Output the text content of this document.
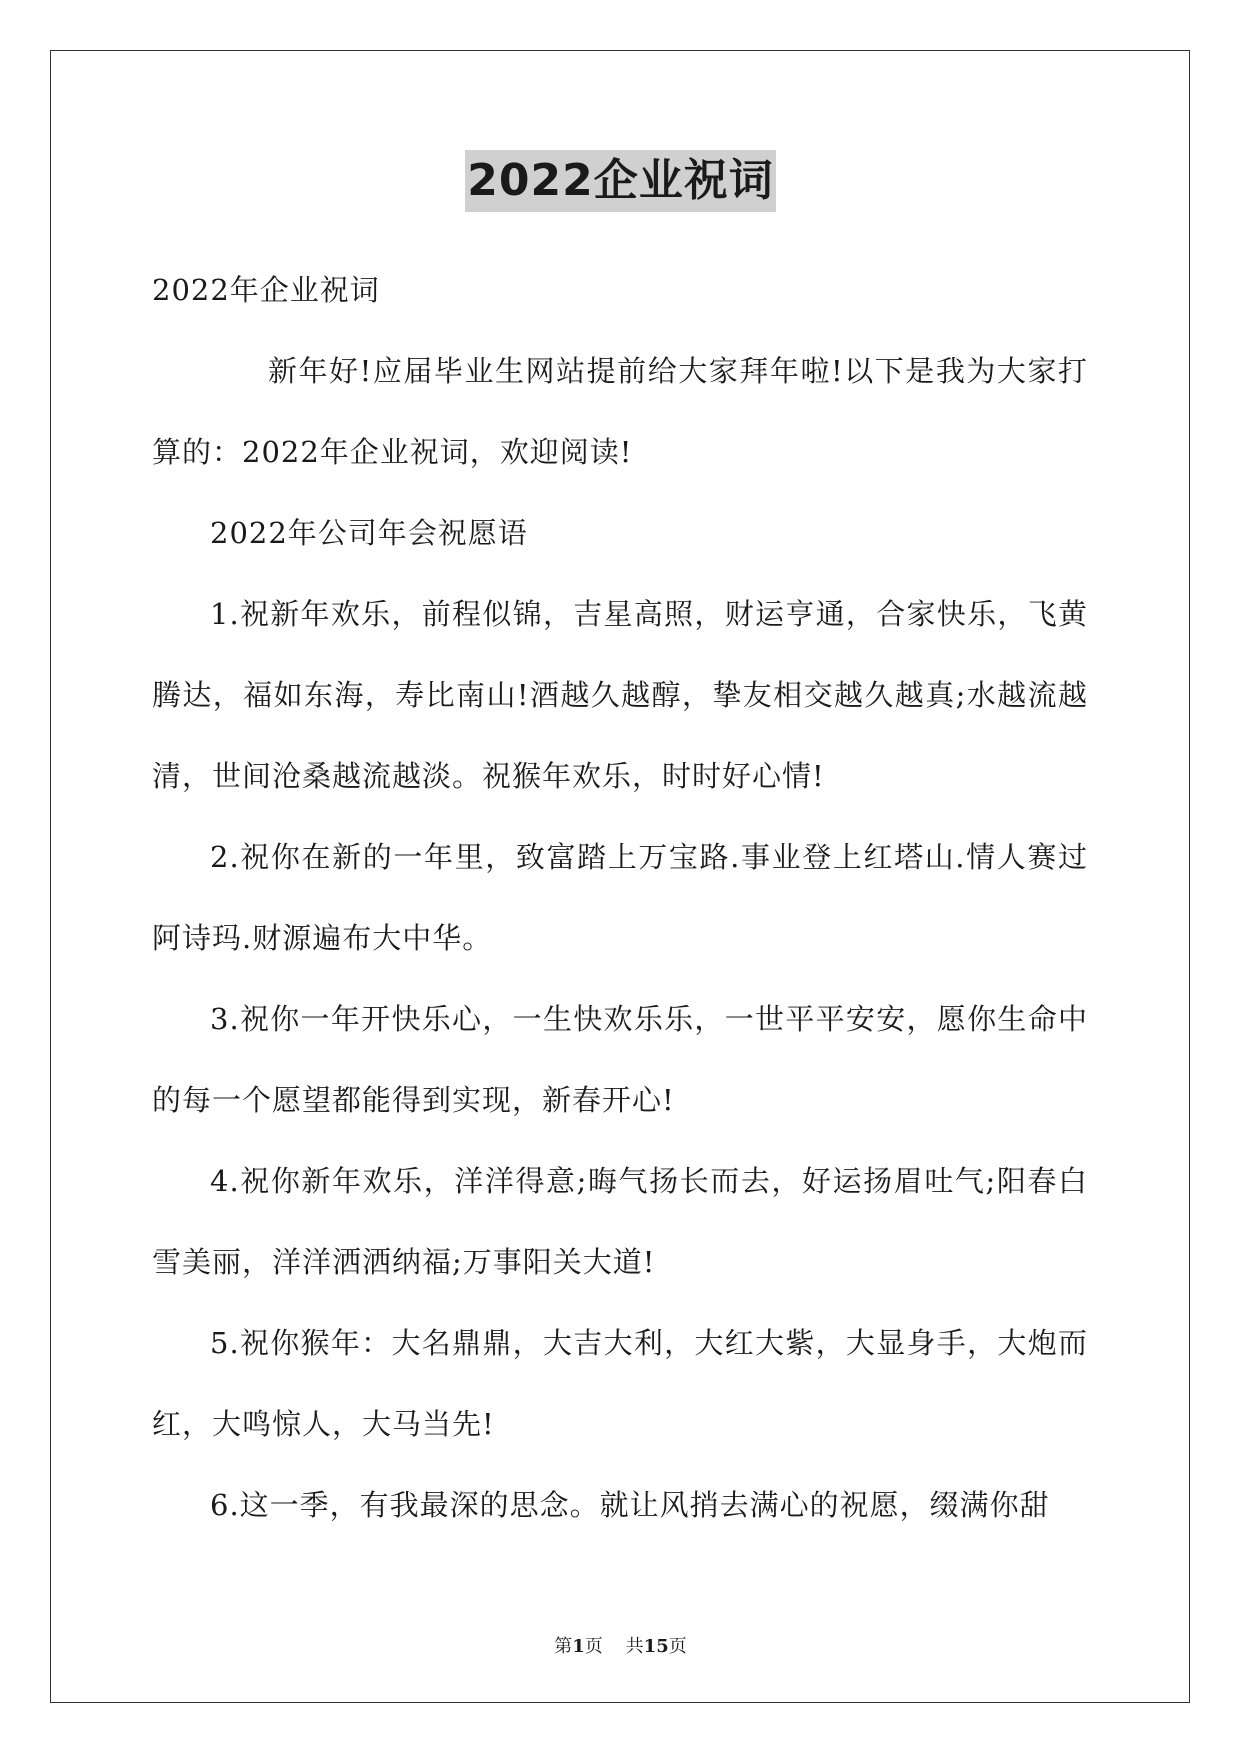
2022企业祝词

2022年企业祝词

新年好!应届毕业生网站提前给大家拜年啦!以下是我为大家打算的：2022年企业祝词，欢迎阅读!

2022年公司年会祝愿语

1.祝新年欢乐，前程似锦，吉星高照，财运亨通，合家快乐，飞黄腾达，福如东海，寿比南山!酒越久越醇，挚友相交越久越真;水越流越清，世间沧桑越流越淡。祝猴年欢乐，时时好心情!

2.祝你在新的一年里，致富踏上万宝路.事业登上红塔山.情人赛过阿诗玛.财源遍布大中华。

3.祝你一年开快乐心，一生快欢乐乐，一世平平安安，愿你生命中的每一个愿望都能得到实现，新春开心!

4.祝你新年欢乐，洋洋得意;晦气扬长而去，好运扬眉吐气;阳春白雪美丽，洋洋洒洒纳福;万事阳关大道!

5.祝你猴年：大名鼎鼎，大吉大利，大红大紫，大显身手，大炮而红，大鸣惊人，大马当先!

6.这一季，有我最深的思念。就让风捎去满心的祝愿，缀满你甜

第1页 共15页
